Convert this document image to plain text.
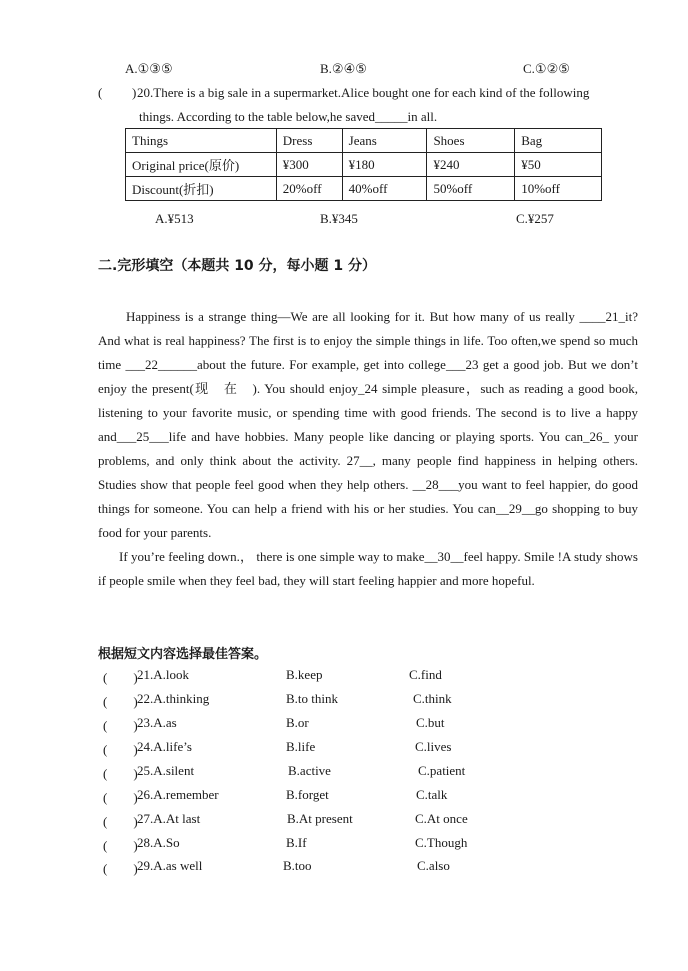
A.①③⑤	B.②④⑤	C.①②⑤
( ) 20.There is a big sale in a supermarket.Alice bought one for each kind of the following
things. According to the table below,he saved_____in all.
Things	Dress	Jeans	Shoes	Bag
Original price(原价)	¥300	¥180	¥240	¥50
Discount(折扣)	20%off	40%off	50%off	10%off
A.¥513	B.¥345	C.¥257
二.完形填空（本题共 10 分，每小题 1 分）

Happiness is a strange thing—We are all looking for it. But how many of us really ____21_it? And what is real happiness? The first is to enjoy the simple things in life. Too often,we spend so much time ___22______about the future. For example, get into college___23 get a good job. But we don’t enjoy the present(现　在　). You should enjoy_24 simple pleasure，such as reading a good book, listening to your favorite music, or spending time with good friends. The second is to live a happy and___25___life and have hobbies. Many people like dancing or playing sports. You can_26_ your problems, and only think about the activity. 27__, many people find happiness in helping others. Studies show that people feel good when they help others. __28___you want to feel happier, do good things for someone. You can help a friend with his or her studies. You can__29__go shopping to buy food for your parents.

If you’re feeling down.， there is one simple way to make__30__feel happy. Smile !A study shows if people smile when they feel bad, they will start feeling happier and more hopeful.

根据短文内容选择最佳答案。
(　　) 21.A.look	B.keep	C.find
(　　) 22.A.thinking	B.to think	C.think
(　　) 23.A.as	B.or	C.but
(　　) 24.A.life’s	B.life	C.lives
(　　) 25.A.silent	B.active	C.patient
(　　) 26.A.remember	B.forget	C.talk
(　　) 27.A.At last	B.At present	C.At once
(　　) 28.A.So	B.If	C.Though
(　　) 29.A.as well	B.too	C.also
